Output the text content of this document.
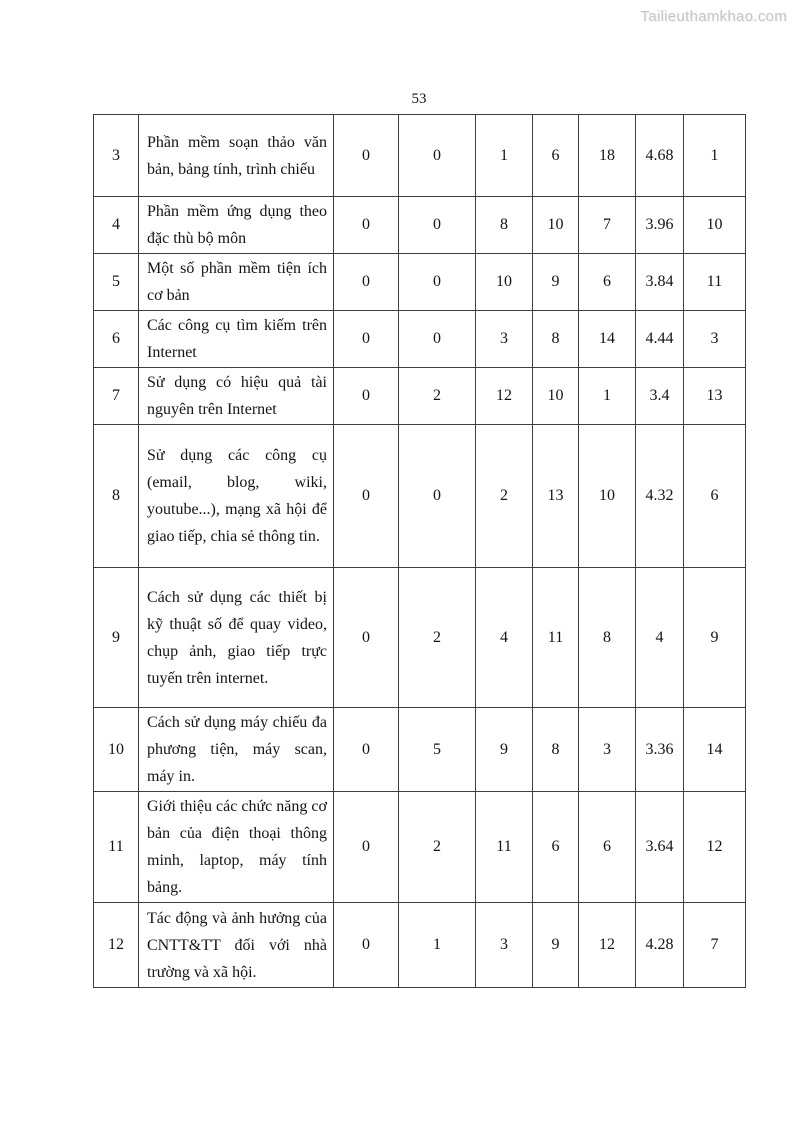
Tailieuthamkhao.com
53
3	Phần mềm soạn thảo văn bản, bảng tính, trình chiếu	0	0	1	6	18	4.68	1
4	Phần mềm ứng dụng theo đặc thù bộ môn	0	0	8	10	7	3.96	10
5	Một số phần mềm tiện ích cơ bản	0	0	10	9	6	3.84	11
6	Các công cụ tìm kiếm trên Internet	0	0	3	8	14	4.44	3
7	Sử dụng có hiệu quả tài nguyên trên Internet	0	2	12	10	1	3.4	13
8	Sử dụng các công cụ (email, blog, wiki, youtube...), mạng xã hội để giao tiếp, chia sẻ thông tin.	0	0	2	13	10	4.32	6
9	Cách sử dụng các thiết bị kỹ thuật số để quay video, chụp ảnh, giao tiếp trực tuyến trên internet.	0	2	4	11	8	4	9
10	Cách sử dụng máy chiếu đa phương tiện, máy scan, máy in.	0	5	9	8	3	3.36	14
11	Giới thiệu các chức năng cơ bản của điện thoại thông minh, laptop, máy tính bảng.	0	2	11	6	6	3.64	12
12	Tác động và ảnh hưởng của CNTT&TT đối với nhà trường và xã hội.	0	1	3	9	12	4.28	7
